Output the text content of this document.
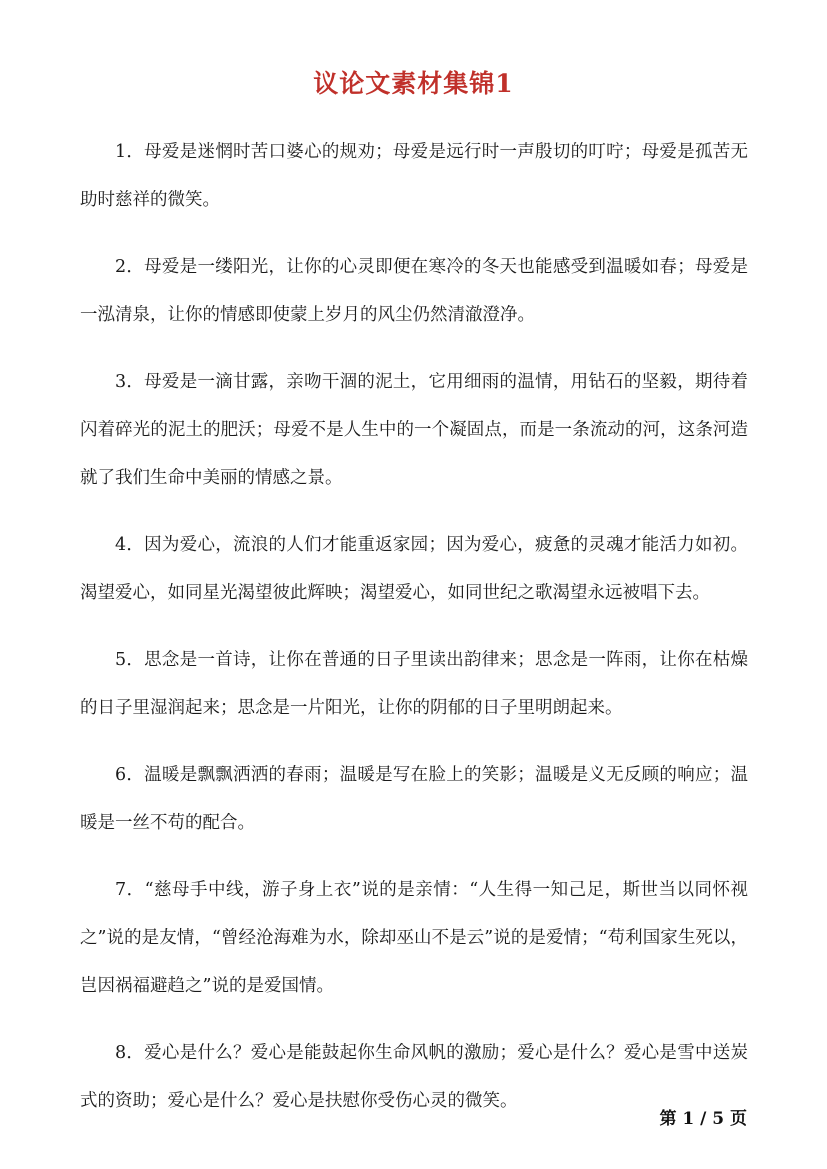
议论文素材集锦1

1．母爱是迷惘时苦口婆心的规劝；母爱是远行时一声殷切的叮咛；母爱是孤苦无助时慈祥的微笑。

2．母爱是一缕阳光，让你的心灵即便在寒冷的冬天也能感受到温暖如春；母爱是一泓清泉，让你的情感即使蒙上岁月的风尘仍然清澈澄净。

3．母爱是一滴甘露，亲吻干涸的泥土，它用细雨的温情，用钻石的坚毅，期待着闪着碎光的泥土的肥沃；母爱不是人生中的一个凝固点，而是一条流动的河，这条河造就了我们生命中美丽的情感之景。

4．因为爱心，流浪的人们才能重返家园；因为爱心，疲惫的灵魂才能活力如初。渴望爱心，如同星光渴望彼此辉映；渴望爱心，如同世纪之歌渴望永远被唱下去。

5．思念是一首诗，让你在普通的日子里读出韵律来；思念是一阵雨，让你在枯燥的日子里湿润起来；思念是一片阳光，让你的阴郁的日子里明朗起来。

6．温暖是飘飘洒洒的春雨；温暖是写在脸上的笑影；温暖是义无反顾的响应；温暖是一丝不苟的配合。

7．“慈母手中线，游子身上衣”说的是亲情：“人生得一知己足，斯世当以同怀视之”说的是友情，“曾经沧海难为水，除却巫山不是云”说的是爱情；“苟利国家生死以，岂因祸福避趋之”说的是爱国情。

8．爱心是什么？爱心是能鼓起你生命风帆的激励；爱心是什么？爱心是雪中送炭式的资助；爱心是什么？爱心是扶慰你受伤心灵的微笑。

第 1 / 5 页
